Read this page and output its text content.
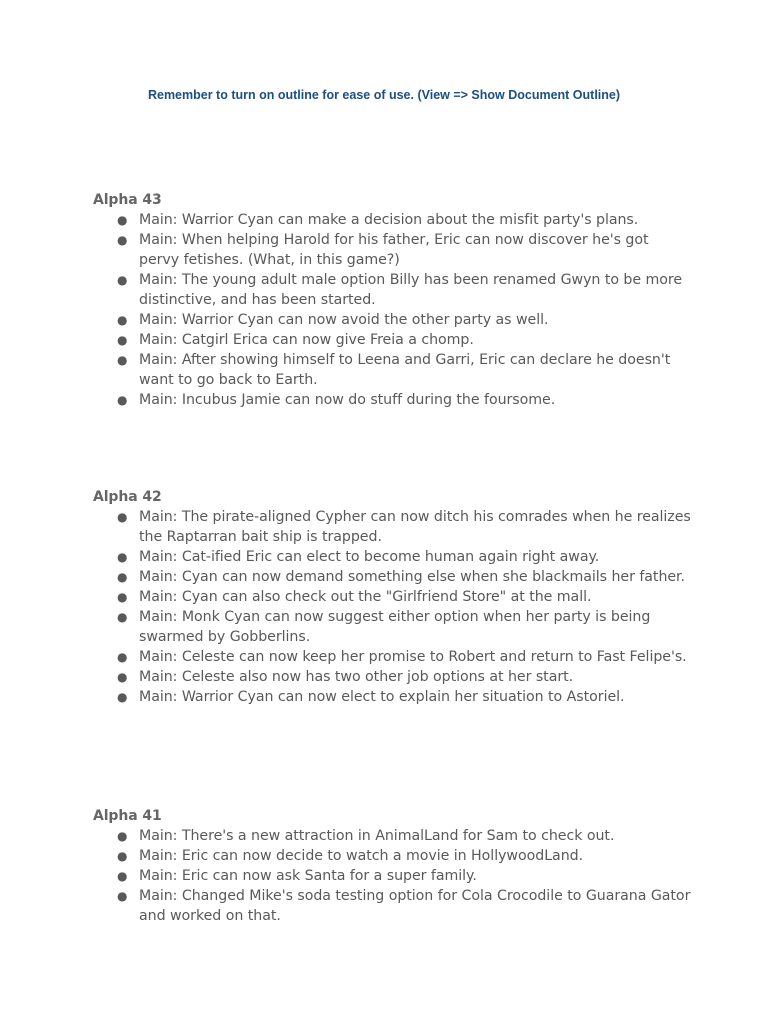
Remember to turn on outline for ease of use. (View => Show Document Outline)
Alpha 43
● Main: Warrior Cyan can make a decision about the misfit party's plans.
● Main: When helping Harold for his father, Eric can now discover he's got pervy fetishes. (What, in this game?)
● Main: The young adult male option Billy has been renamed Gwyn to be more distinctive, and has been started.
● Main: Warrior Cyan can now avoid the other party as well.
● Main: Catgirl Erica can now give Freia a chomp.
● Main: After showing himself to Leena and Garri, Eric can declare he doesn't want to go back to Earth.
● Main: Incubus Jamie can now do stuff during the foursome.
Alpha 42
● Main: The pirate-aligned Cypher can now ditch his comrades when he realizes the Raptarran bait ship is trapped.
● Main: Cat-ified Eric can elect to become human again right away.
● Main: Cyan can now demand something else when she blackmails her father.
● Main: Cyan can also check out the "Girlfriend Store" at the mall.
● Main: Monk Cyan can now suggest either option when her party is being swarmed by Gobberlins.
● Main: Celeste can now keep her promise to Robert and return to Fast Felipe's.
● Main: Celeste also now has two other job options at her start.
● Main: Warrior Cyan can now elect to explain her situation to Astoriel.
Alpha 41
● Main: There's a new attraction in AnimalLand for Sam to check out.
● Main: Eric can now decide to watch a movie in HollywoodLand.
● Main: Eric can now ask Santa for a super family.
● Main: Changed Mike's soda testing option for Cola Crocodile to Guarana Gator and worked on that.
